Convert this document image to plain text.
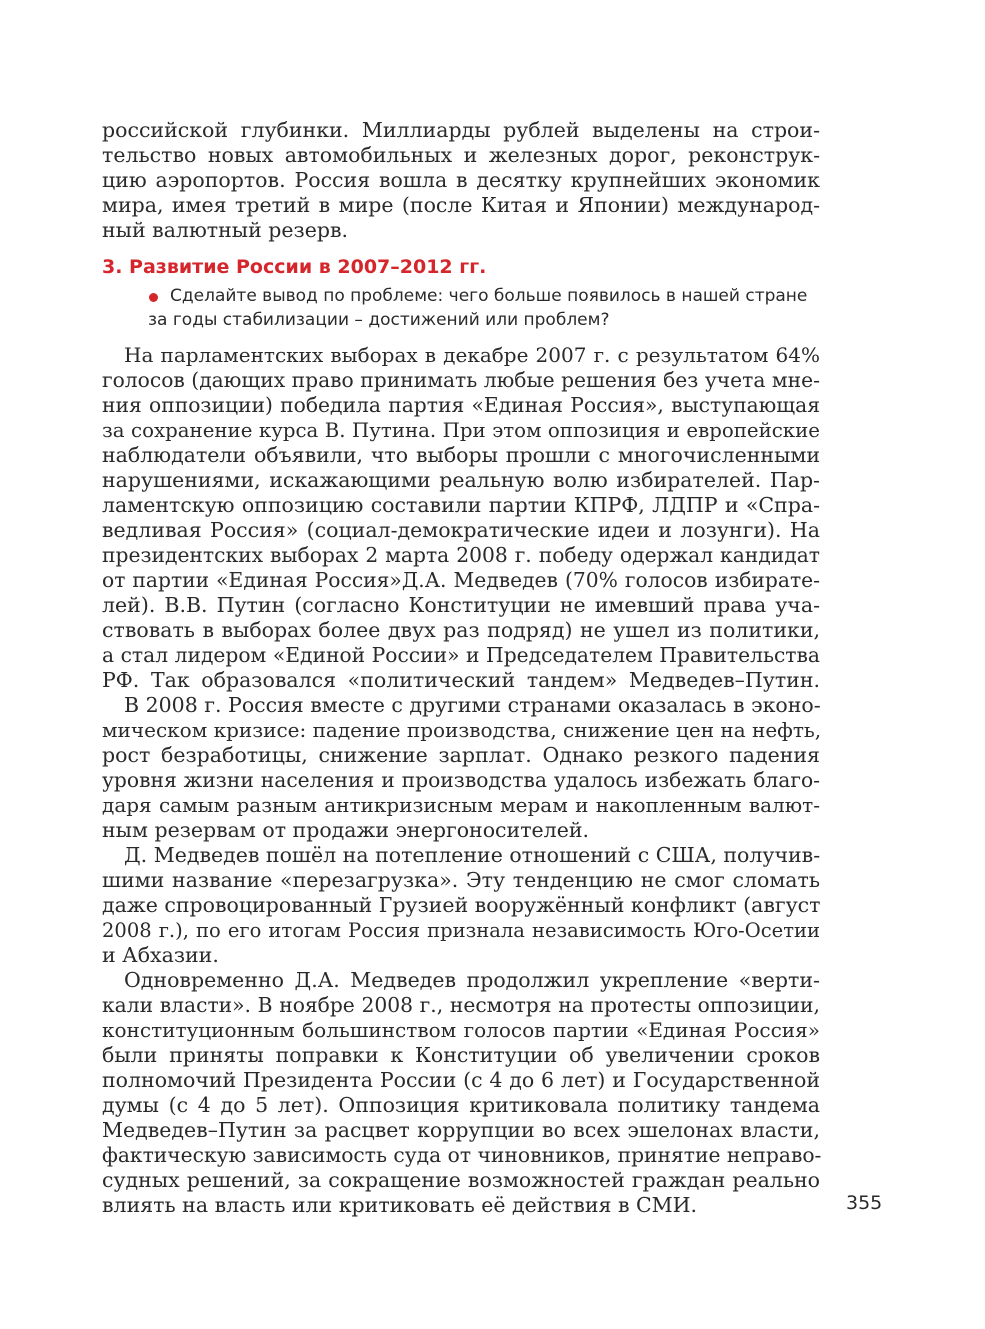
российской глубинки. Миллиарды рублей выделены на строи-
тельство новых автомобильных и железных дорог, реконструк-
цию аэропортов. Россия вошла в десятку крупнейших экономик
мира, имея третий в мире (после Китая и Японии) международ-
ный валютный резерв.
3. Развитие России в 2007–2012 гг.
Сделайте вывод по проблеме: чего больше появилось в нашей стране
за годы стабилизации – достижений или проблем?
На парламентских выборах в декабре 2007 г. с результатом 64%
голосов (дающих право принимать любые решения без учета мне-
ния оппозиции) победила партия «Единая Россия», выступающая
за сохранение курса В. Путина. При этом оппозиция и европейские
наблюдатели объявили, что выборы прошли с многочисленными
нарушениями, искажающими реальную волю избирателей. Пар-
ламентскую оппозицию составили партии КПРФ, ЛДПР и «Спра-
ведливая Россия» (социал-демократические идеи и лозунги). На
президентских выборах 2 марта 2008 г. победу одержал кандидат
от партии «Единая Россия»Д.А. Медведев (70% голосов избирате-
лей). В.В. Путин (согласно Конституции не имевший права уча-
ствовать в выборах более двух раз подряд) не ушел из политики,
а стал лидером «Единой России» и Председателем Правительства
РФ. Так образовался «политический тандем» Медведев–Путин.
В 2008 г. Россия вместе с другими странами оказалась в эконо-
мическом кризисе: падение производства, снижение цен на нефть,
рост безработицы, снижение зарплат. Однако резкого падения
уровня жизни населения и производства удалось избежать благо-
даря самым разным антикризисным мерам и накопленным валют-
ным резервам от продажи энергоносителей.
Д. Медведев пошёл на потепление отношений с США, получив-
шими название «перезагрузка». Эту тенденцию не смог сломать
даже спровоцированный Грузией вооружённый конфликт (август
2008 г.), по его итогам Россия признала независимость Юго-Осетии
и Абхазии.
Одновременно Д.А. Медведев продолжил укрепление «верти-
кали власти». В ноябре 2008 г., несмотря на протесты оппозиции,
конституционным большинством голосов партии «Единая Россия»
были приняты поправки к Конституции об увеличении сроков
полномочий Президента России (с 4 до 6 лет) и Государственной
думы (с 4 до 5 лет). Оппозиция критиковала политику тандема
Медведев–Путин за расцвет коррупции во всех эшелонах власти,
фактическую зависимость суда от чиновников, принятие неправо-
судных решений, за сокращение возможностей граждан реально
влиять на власть или критиковать её действия в СМИ.	355
